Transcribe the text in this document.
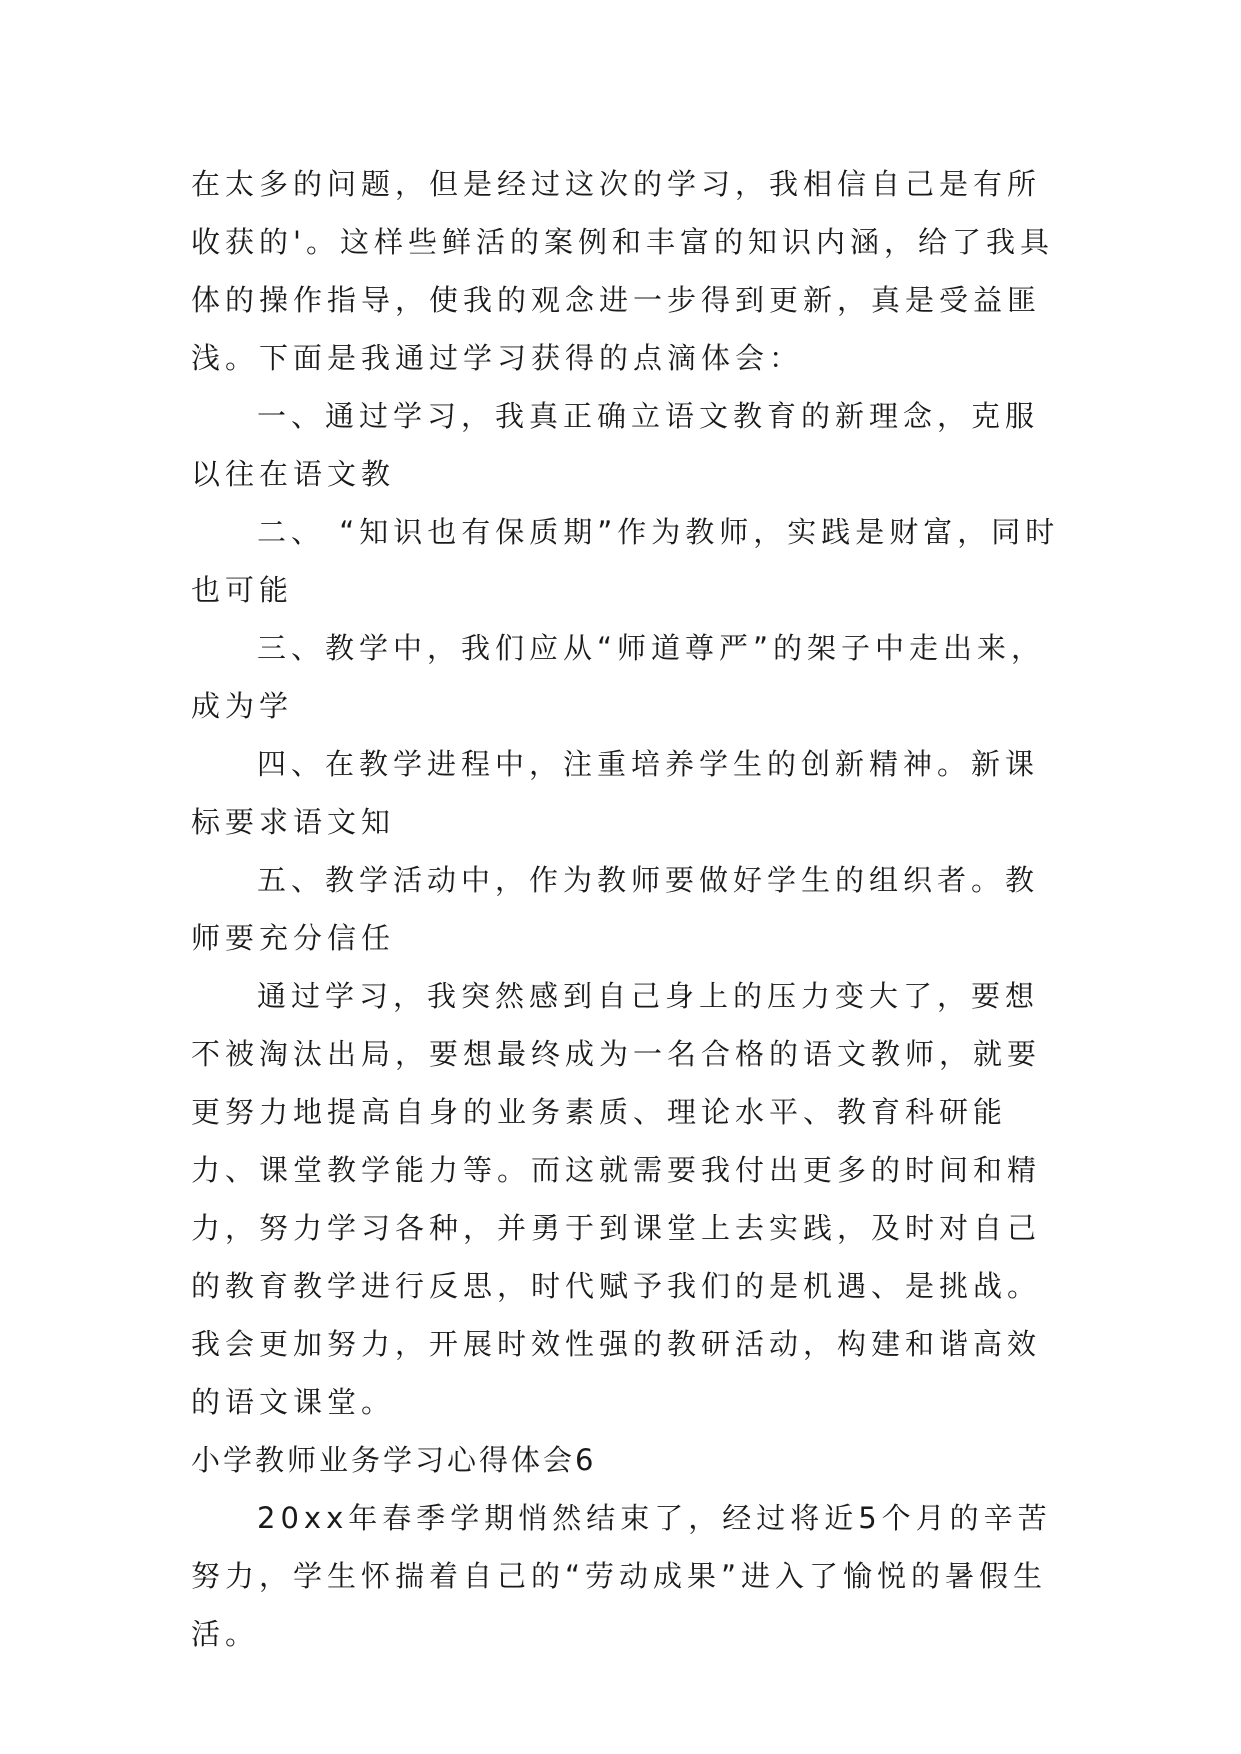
在太多的问题，但是经过这次的学习，我相信自己是有所收获的'。这样些鲜活的案例和丰富的知识内涵，给了我具体的操作指导，使我的观念进一步得到更新，真是受益匪浅。下面是我通过学习获得的点滴体会：

一、通过学习，我真正确立语文教育的新理念，克服以往在语文教

二、 “知识也有保质期”作为教师，实践是财富，同时也可能

三、教学中，我们应从“师道尊严”的架子中走出来，成为学

四、在教学进程中，注重培养学生的创新精神。新课标要求语文知

五、教学活动中，作为教师要做好学生的组织者。教师要充分信任

通过学习，我突然感到自己身上的压力变大了，要想不被淘汰出局，要想最终成为一名合格的语文教师，就要更努力地提高自身的业务素质、理论水平、教育科研能力、课堂教学能力等。而这就需要我付出更多的时间和精力，努力学习各种，并勇于到课堂上去实践，及时对自己的教育教学进行反思，时代赋予我们的是机遇、是挑战。我会更加努力，开展时效性强的教研活动，构建和谐高效的语文课堂。

小学教师业务学习心得体会6

20xx年春季学期悄然结束了，经过将近5个月的辛苦努力，学生怀揣着自己的“劳动成果”进入了愉悦的暑假生活。
